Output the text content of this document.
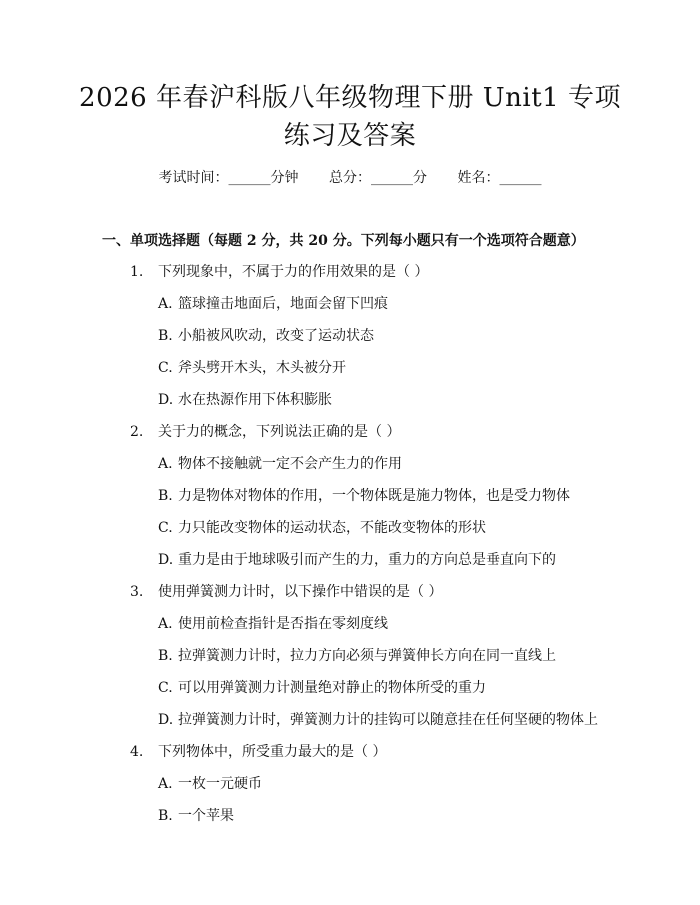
2026 年春沪科版八年级物理下册 Unit1 专项
练习及答案
考试时间：______分钟 总分：______分 姓名：______
一、单项选择题（每题 2 分，共 20 分。下列每小题只有一个选项符合题意）
1. 下列现象中，不属于力的作用效果的是（ ）
A. 篮球撞击地面后，地面会留下凹痕
B. 小船被风吹动，改变了运动状态
C. 斧头劈开木头，木头被分开
D. 水在热源作用下体积膨胀
2. 关于力的概念，下列说法正确的是（ ）
A. 物体不接触就一定不会产生力的作用
B. 力是物体对物体的作用，一个物体既是施力物体，也是受力物体
C. 力只能改变物体的运动状态，不能改变物体的形状
D. 重力是由于地球吸引而产生的力，重力的方向总是垂直向下的
3. 使用弹簧测力计时，以下操作中错误的是（ ）
A. 使用前检查指针是否指在零刻度线
B. 拉弹簧测力计时，拉力方向必须与弹簧伸长方向在同一直线上
C. 可以用弹簧测力计测量绝对静止的物体所受的重力
D. 拉弹簧测力计时，弹簧测力计的挂钩可以随意挂在任何坚硬的物体上
4. 下列物体中，所受重力最大的是（ ）
A. 一枚一元硬币
B. 一个苹果
